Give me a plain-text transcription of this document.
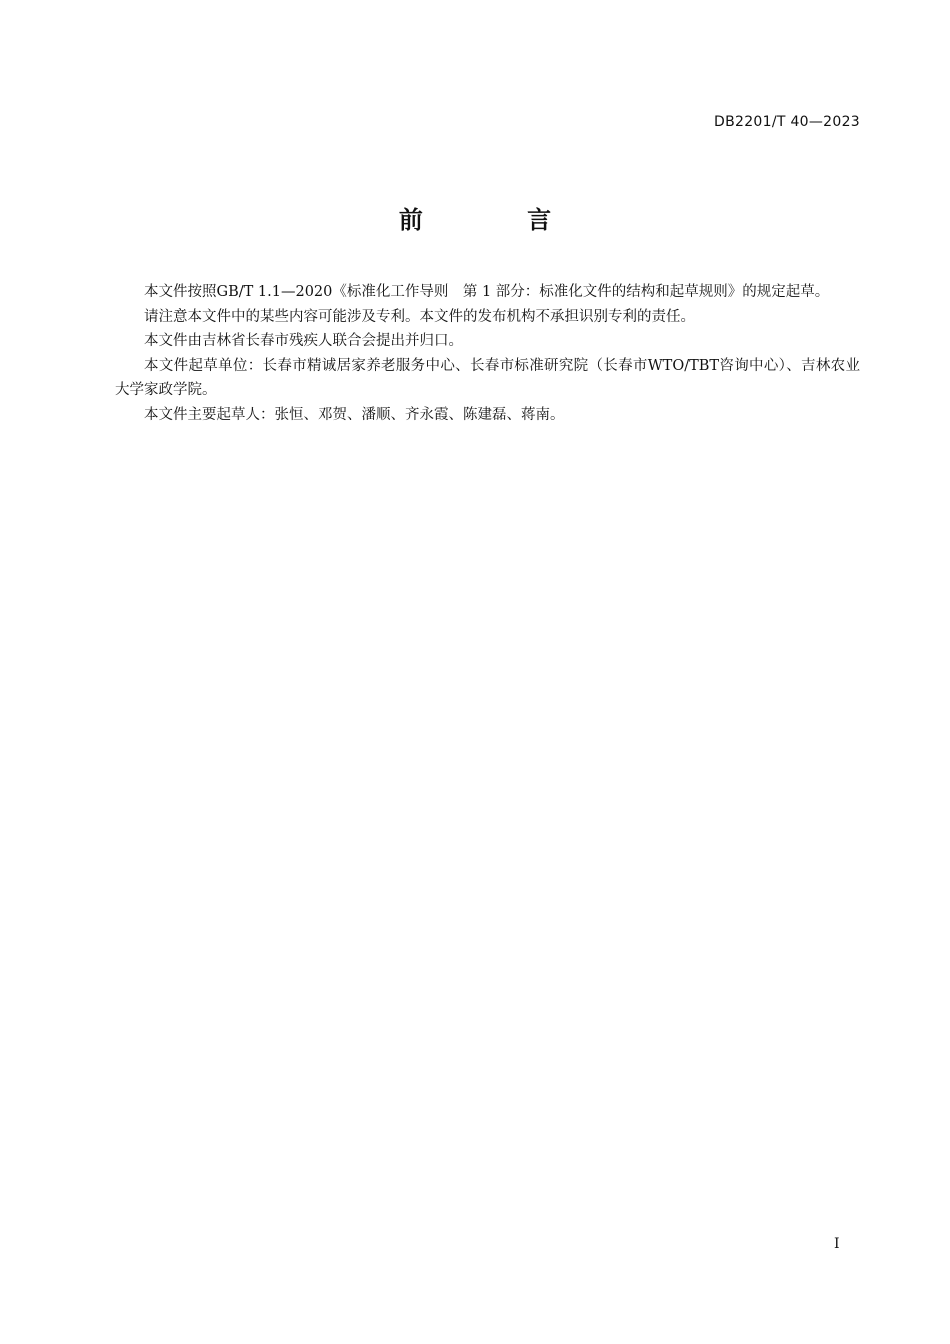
DB2201/T 40—2023
前 言

本文件按照GB/T 1.1—2020《标准化工作导则　第 1 部分：标准化文件的结构和起草规则》的规定起草。

请注意本文件中的某些内容可能涉及专利。本文件的发布机构不承担识别专利的责任。

本文件由吉林省长春市残疾人联合会提出并归口。

本文件起草单位：长春市精诚居家养老服务中心、长春市标准研究院（长春市WTO/TBT咨询中心）、吉林农业大学家政学院。

本文件主要起草人：张恒、邓贺、潘顺、齐永霞、陈建磊、蒋南。

I
